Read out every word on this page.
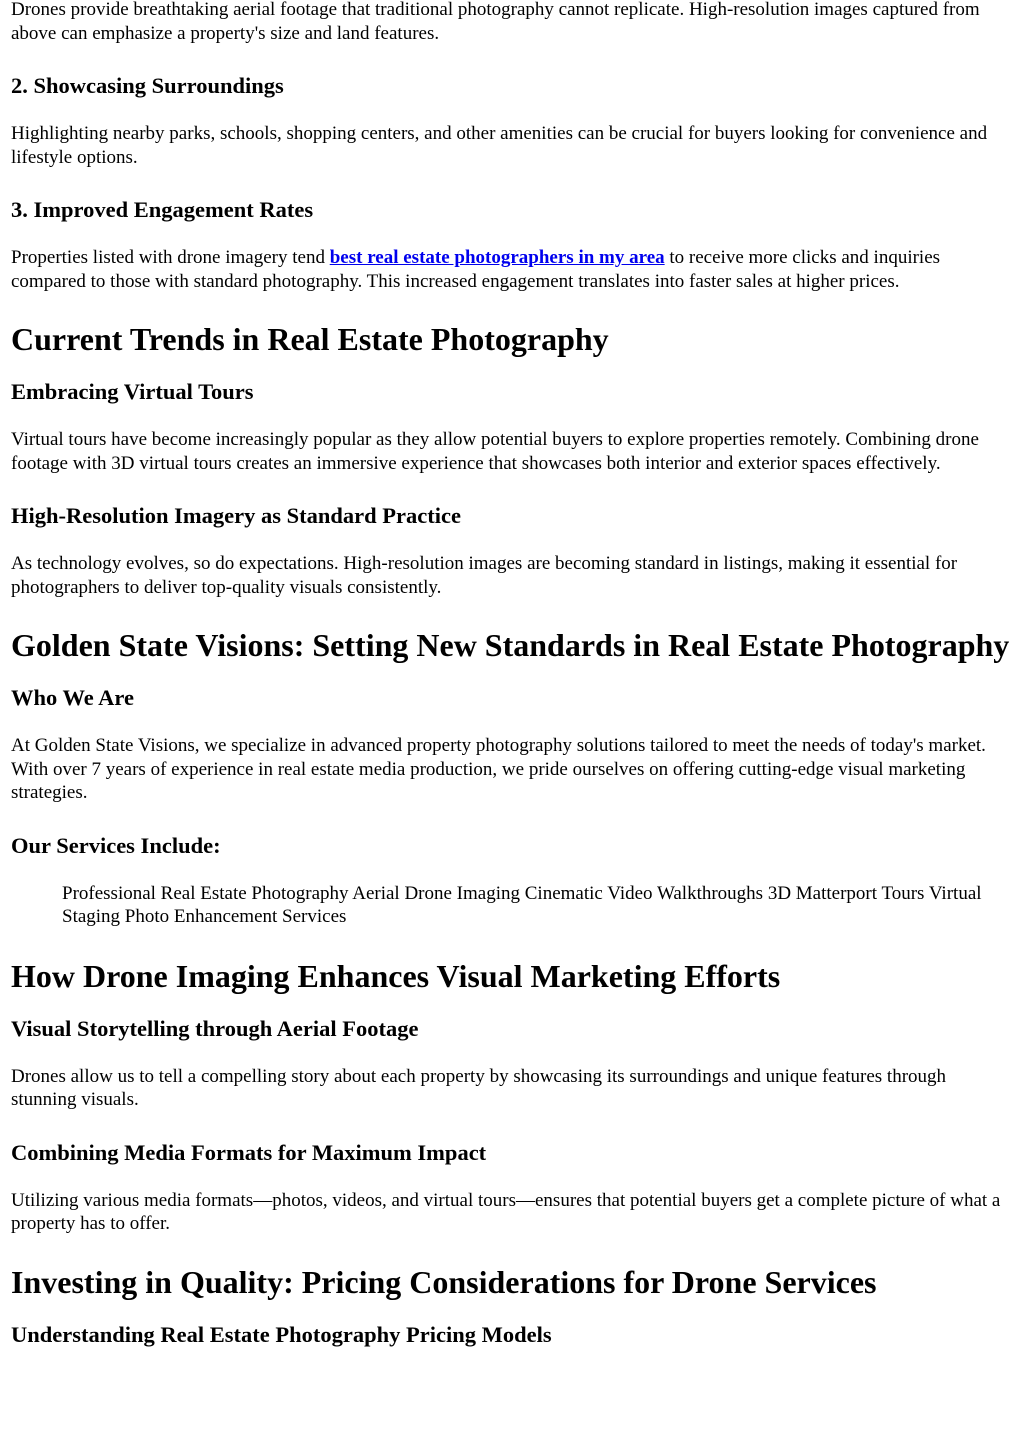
Drones provide breathtaking aerial footage that traditional photography cannot replicate. High-resolution images captured from above can emphasize a property's size and land features.

2. Showcasing Surroundings

Highlighting nearby parks, schools, shopping centers, and other amenities can be crucial for buyers looking for convenience and lifestyle options.

3. Improved Engagement Rates

Properties listed with drone imagery tend best real estate photographers in my area to receive more clicks and inquiries compared to those with standard photography. This increased engagement translates into faster sales at higher prices.

Current Trends in Real Estate Photography
Embracing Virtual Tours

Virtual tours have become increasingly popular as they allow potential buyers to explore properties remotely. Combining drone footage with 3D virtual tours creates an immersive experience that showcases both interior and exterior spaces effectively.

High-Resolution Imagery as Standard Practice

As technology evolves, so do expectations. High-resolution images are becoming standard in listings, making it essential for photographers to deliver top-quality visuals consistently.

Golden State Visions: Setting New Standards in Real Estate Photography
Who We Are

At Golden State Visions, we specialize in advanced property photography solutions tailored to meet the needs of today's market. With over 7 years of experience in real estate media production, we pride ourselves on offering cutting-edge visual marketing strategies.

Our Services Include:
Professional Real Estate Photography Aerial Drone Imaging Cinematic Video Walkthroughs 3D Matterport Tours Virtual Staging Photo Enhancement Services
How Drone Imaging Enhances Visual Marketing Efforts
Visual Storytelling through Aerial Footage

Drones allow us to tell a compelling story about each property by showcasing its surroundings and unique features through stunning visuals.

Combining Media Formats for Maximum Impact

Utilizing various media formats—photos, videos, and virtual tours—ensures that potential buyers get a complete picture of what a property has to offer.

Investing in Quality: Pricing Considerations for Drone Services
Understanding Real Estate Photography Pricing Models
